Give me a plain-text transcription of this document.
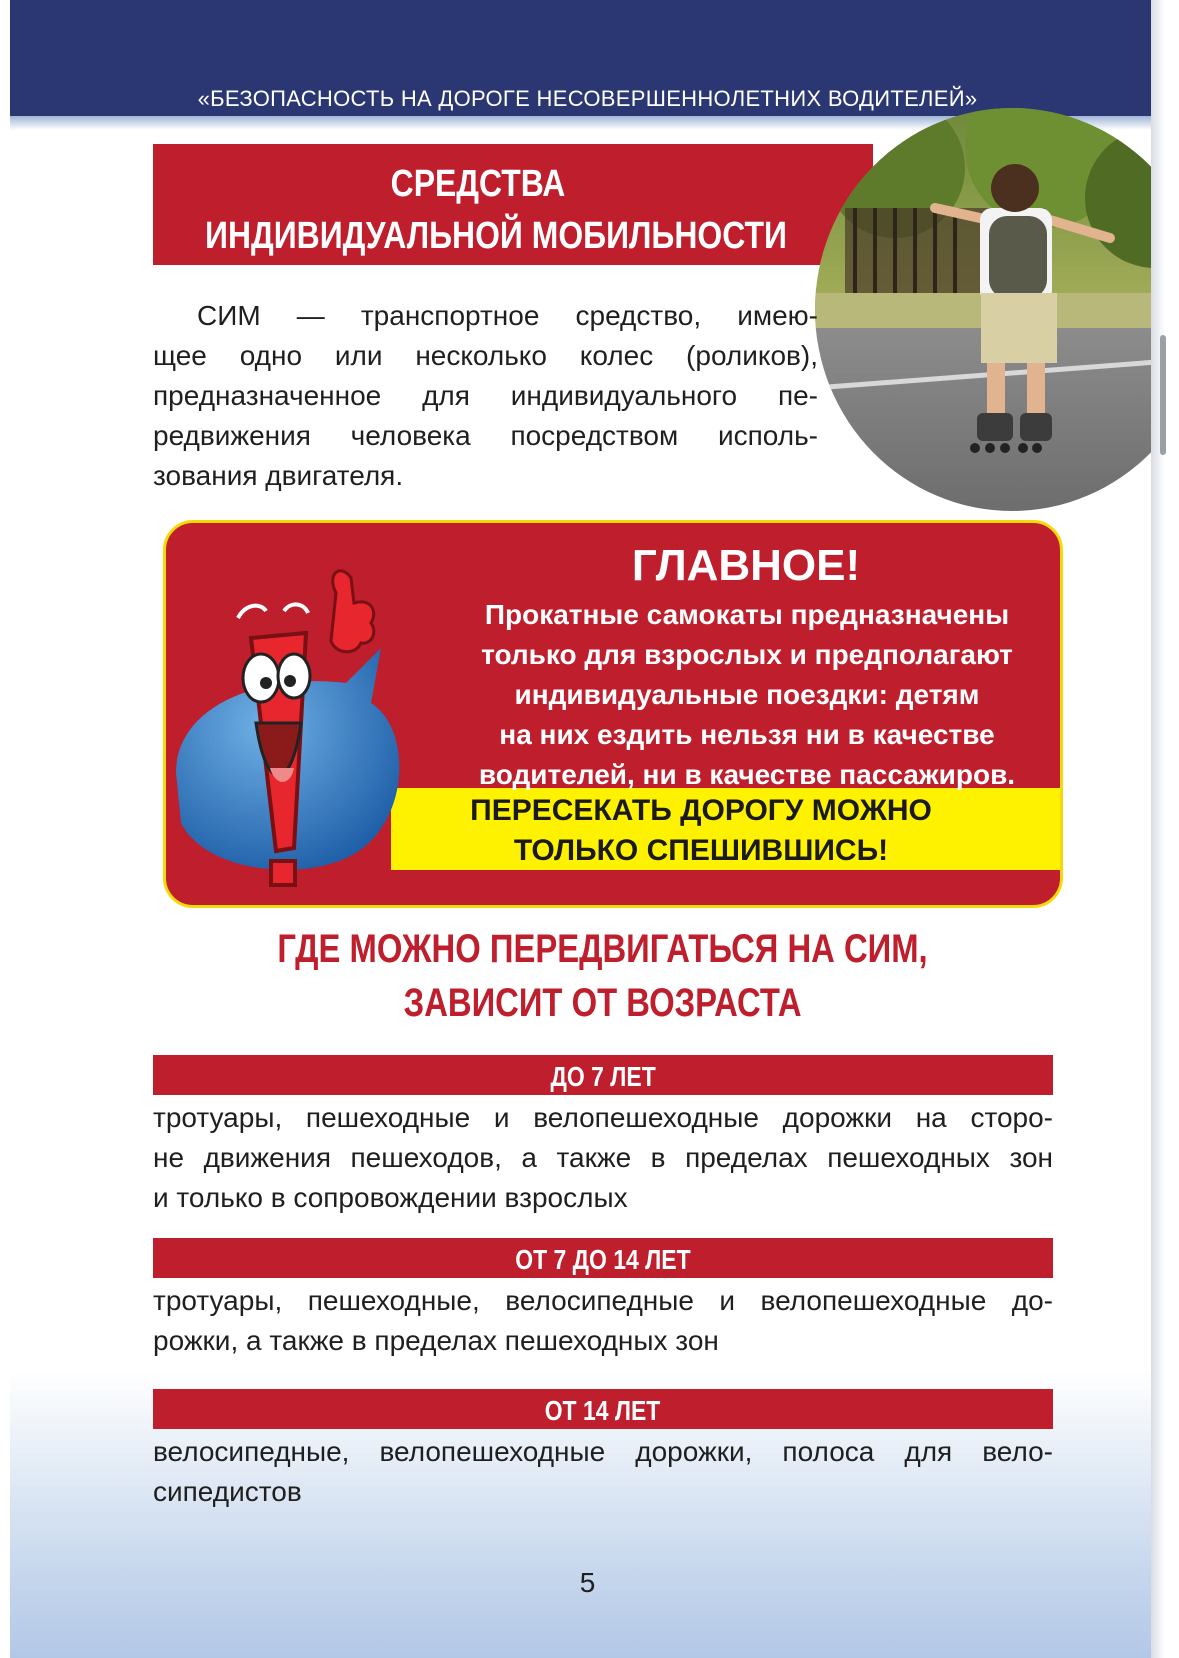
«БЕЗОПАСНОСТЬ НА ДОРОГЕ НЕСОВЕРШЕННОЛЕТНИХ ВОДИТЕЛЕЙ»
СРЕДСТВА
ИНДИВИДУАЛЬНОЙ МОБИЛЬНОСТИ
СИМ — транспортное средство, имею-
щее одно или несколько колес (роликов),
предназначенное для индивидуального пе-
редвижения человека посредством исполь-
зования двигателя.
ГЛАВНОЕ!
Прокатные самокаты предназначены
только для взрослых и предполагают
индивидуальные поездки: детям
на них ездить нельзя ни в качестве
водителей, ни в качестве пассажиров.
ПЕРЕСЕКАТЬ ДОРОГУ МОЖНО
ТОЛЬКО СПЕШИВШИСЬ!
ГДЕ МОЖНО ПЕРЕДВИГАТЬСЯ НА СИМ,
ЗАВИСИТ ОТ ВОЗРАСТА
ДО 7 ЛЕТ
тротуары, пешеходные и велопешеходные дорожки на сторо-
не движения пешеходов, а также в пределах пешеходных зон
и только в сопровождении взрослых
ОТ 7 ДО 14 ЛЕТ
тротуары, пешеходные, велосипедные и велопешеходные до-
рожки, а также в пределах пешеходных зон
ОТ 14 ЛЕТ
велосипедные, велопешеходные дорожки, полоса для вело-
сипедистов
5
